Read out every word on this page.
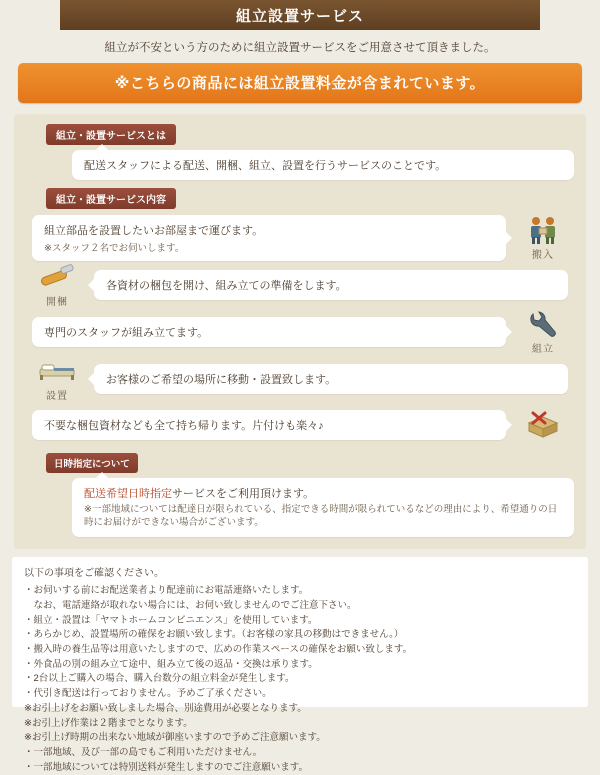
組立設置サービス
組立が不安という方のために組立設置サービスをご用意させて頂きました。
※こちらの商品には組立設置料金が含まれています。
組立・設置サービスとは
配送スタッフによる配送、開梱、組立、設置を行うサービスのことです。
組立・設置サービス内容
組立部品を設置したいお部屋まで運びます。
※スタッフ２名でお伺いします。
搬入
開梱
各資材の梱包を開け、組み立ての準備をします。
専門のスタッフが組み立てます。
組立
設置
お客様のご希望の場所に移動・設置致します。
不要な梱包資材なども全て持ち帰ります。片付けも楽々♪
日時指定について
配送希望日時指定サービスをご利用頂けます。
※一部地域については配達日が限られている、指定できる時間が限られているなどの理由により、希望通りの日時にお届けができない場合がございます。
以下の事項をご確認ください。
・お伺いする前にお配送業者より配達前にお電話連絡いたします。
　なお、電話連絡が取れない場合には、お伺い致しませんのでご注意下さい。
・組立・設置は「ヤマトホームコンビニエンス」を使用しています。
・あらかじめ、設置場所の確保をお願い致します。（お客様の家具の移動はできません。）
・搬入時の養生品等は用意いたしますので、広めの作業スペースの確保をお願い致します。
・外食品の別の組み立て途中、組み立て後の返品・交換は承ります。
・2台以上ご購入の場合、購入台数分の組立料金が発生します。
・代引き配送は行っておりません。予めご了承ください。
※お引上げをお願い致しました場合、別途費用が必要となります。
※お引上げ作業は２階までとなります。
※お引上げ時期の出来ない地域が御座いますので予めご注意願います。
・一部地域、及び一部の島でもご利用いただけません。
・一部地域については特別送料が発生しますのでご注意願います。
